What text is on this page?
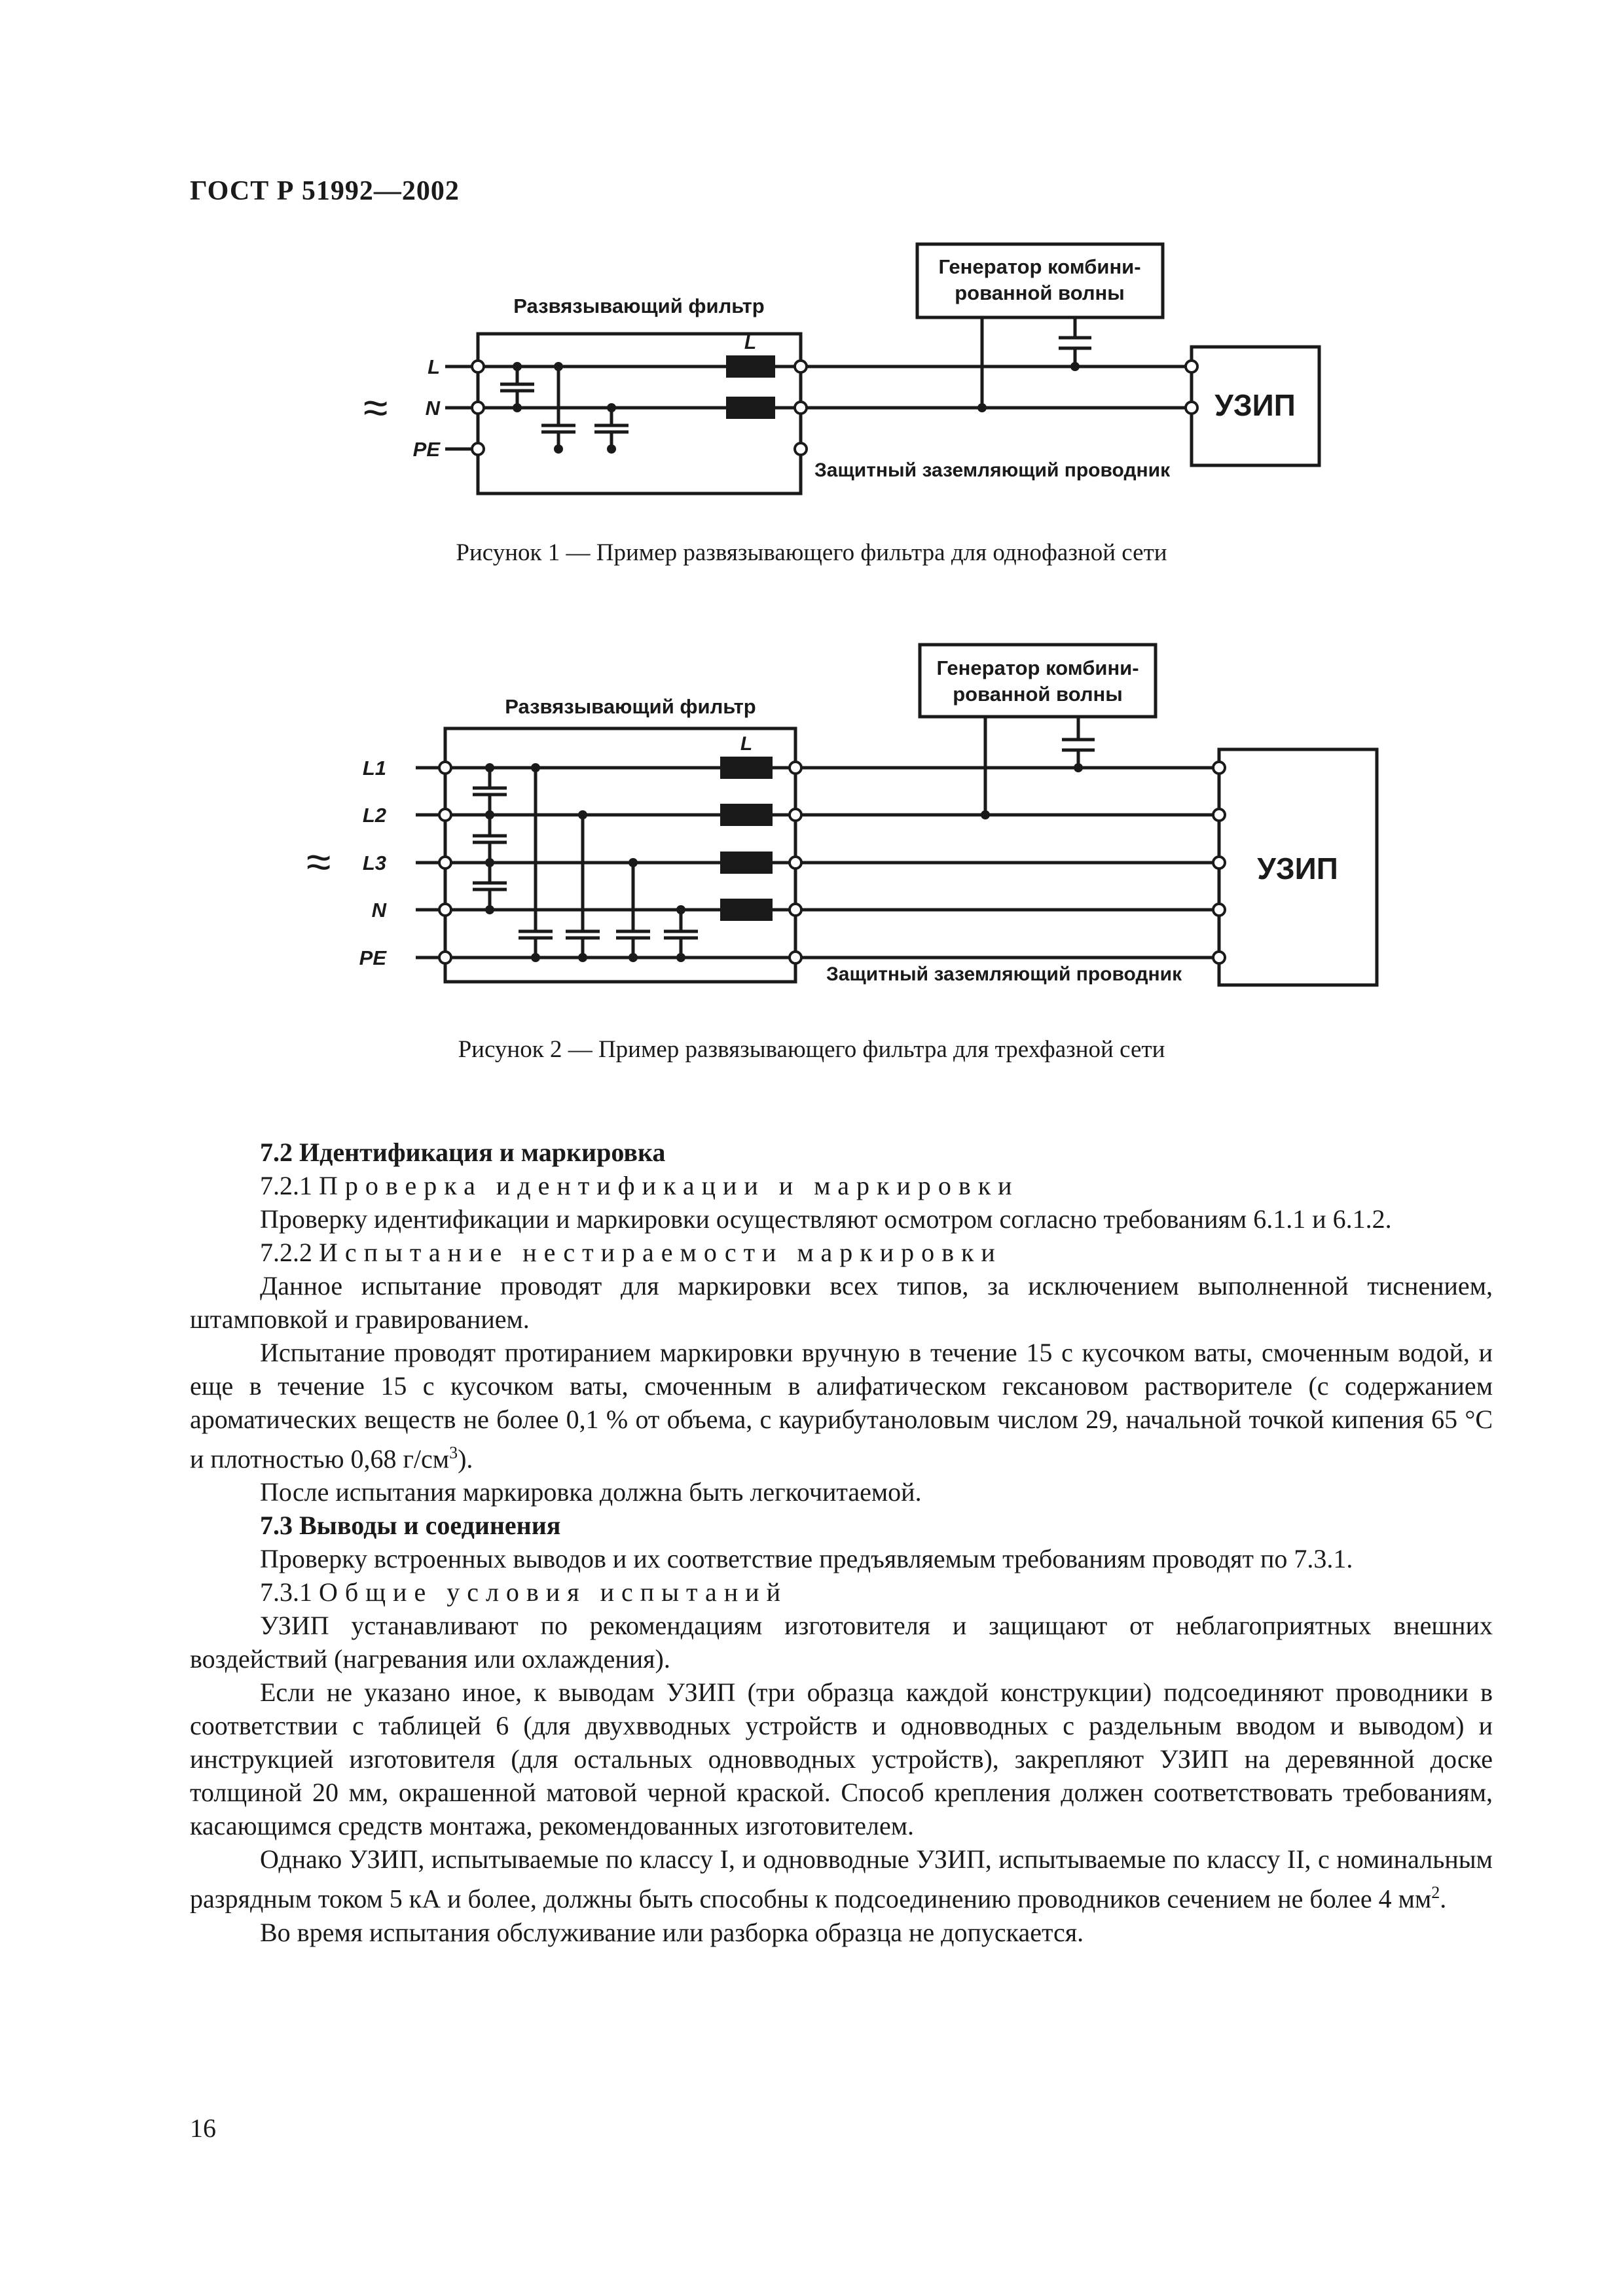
ГОСТ Р 51992—2002
Развязывающий фильтр
Генератор комбини-
рованной волны
L
L
N
PE
≈	УЗИП
Защитный заземляющий проводник
Рисунок 1 — Пример развязывающего фильтра для однофазной сети
Развязывающий фильтр
Генератор комбини-
рованной волны
L
L1
L2
L3
N
PE
≈	УЗИП
Защитный заземляющий проводник
Рисунок 2 — Пример развязывающего фильтра для трехфазной сети

7.2 Идентификация и маркировка

7.2.1 Проверка идентификации и маркировки

Проверку идентификации и маркировки осуществляют осмотром согласно требованиям 6.1.1 и 6.1.2.

7.2.2 Испытание нестираемости маркировки

Данное испытание проводят для маркировки всех типов, за исключением выполненной тиснением, штамповкой и гравированием.

Испытание проводят протиранием маркировки вручную в течение 15 с кусочком ваты, смоченным водой, и еще в течение 15 с кусочком ваты, смоченным в алифатическом гексановом растворителе (с содержанием ароматических веществ не более 0,1 % от объема, с каурибутаноловым числом 29, начальной точкой кипения 65 °С и плотностью 0,68 $г/см^3$).

После испытания маркировка должна быть легкочитаемой.

7.3 Выводы и соединения

Проверку встроенных выводов и их соответствие предъявляемым требованиям проводят по 7.3.1.

7.3.1 Общие условия испытаний

УЗИП устанавливают по рекомендациям изготовителя и защищают от неблагоприятных внешних воздействий (нагревания или охлаждения).

Если не указано иное, к выводам УЗИП (три образца каждой конструкции) подсоединяют проводники в соответствии с таблицей 6 (для двухвводных устройств и одновводных с раздельным вводом и выводом) и инструкцией изготовителя (для остальных одновводных устройств), закрепляют УЗИП на деревянной доске толщиной 20 мм, окрашенной матовой черной краской. Способ крепления должен соответствовать требованиям, касающимся средств монтажа, рекомендованных изготовителем.

Однако УЗИП, испытываемые по классу I, и одновводные УЗИП, испытываемые по классу II, с номинальным разрядным током 5 кА и более, должны быть способны к подсоединению проводников сечением не более 4 $мм^2$.

Во время испытания обслуживание или разборка образца не допускается.

16
